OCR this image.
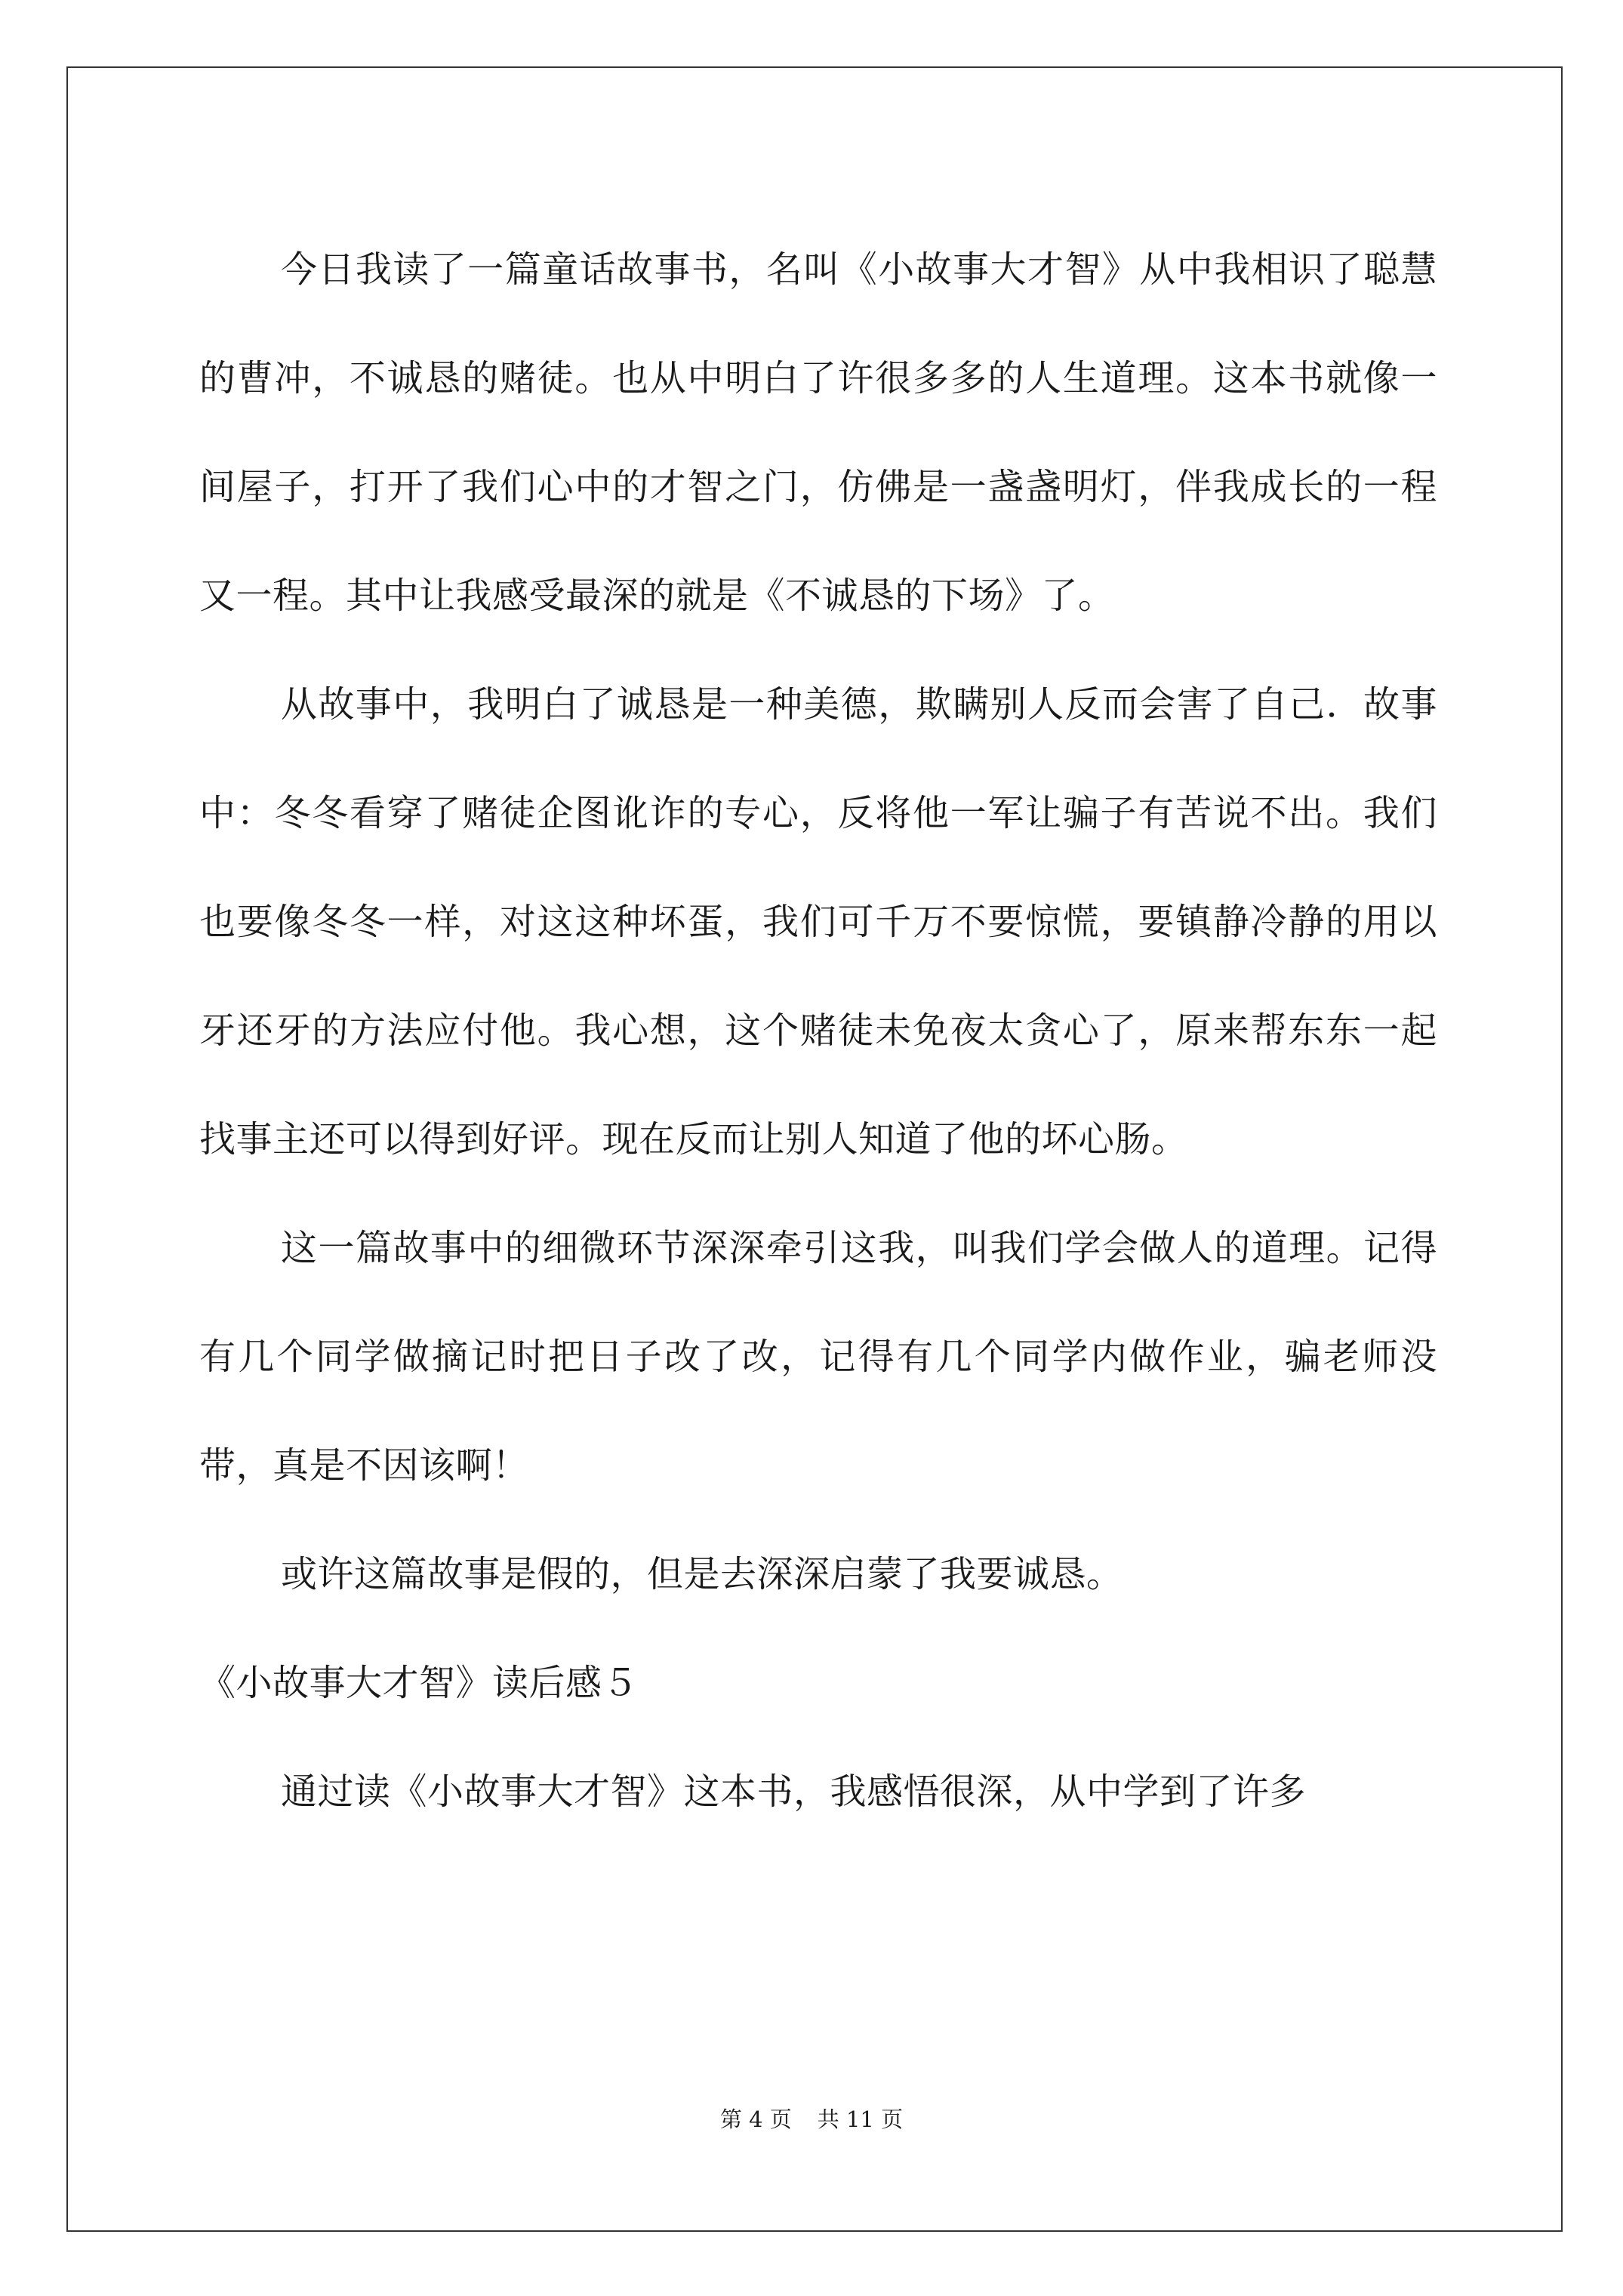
今日我读了一篇童话故事书，名叫《小故事大才智》从中我相识了聪慧的曹冲，不诚恳的赌徒。也从中明白了许很多多的人生道理。这本书就像一间屋子，打开了我们心中的才智之门，仿佛是一盏盏明灯，伴我成长的一程又一程。其中让我感受最深的就是《不诚恳的下场》了。

从故事中，我明白了诚恳是一种美德，欺瞒别人反而会害了自己．故事中：冬冬看穿了赌徒企图讹诈的专心，反将他一军让骗子有苦说不出。我们也要像冬冬一样，对这这种坏蛋，我们可千万不要惊慌，要镇静冷静的用以牙还牙的方法应付他。我心想，这个赌徒未免夜太贪心了，原来帮东东一起找事主还可以得到好评。现在反而让别人知道了他的坏心肠。

这一篇故事中的细微环节深深牵引这我，叫我们学会做人的道理。记得有几个同学做摘记时把日子改了改，记得有几个同学内做作业，骗老师没带，真是不因该啊！

或许这篇故事是假的，但是去深深启蒙了我要诚恳。

《小故事大才智》读后感５

通过读《小故事大才智》这本书，我感悟很深，从中学到了许多

第 4 页 共 11 页
